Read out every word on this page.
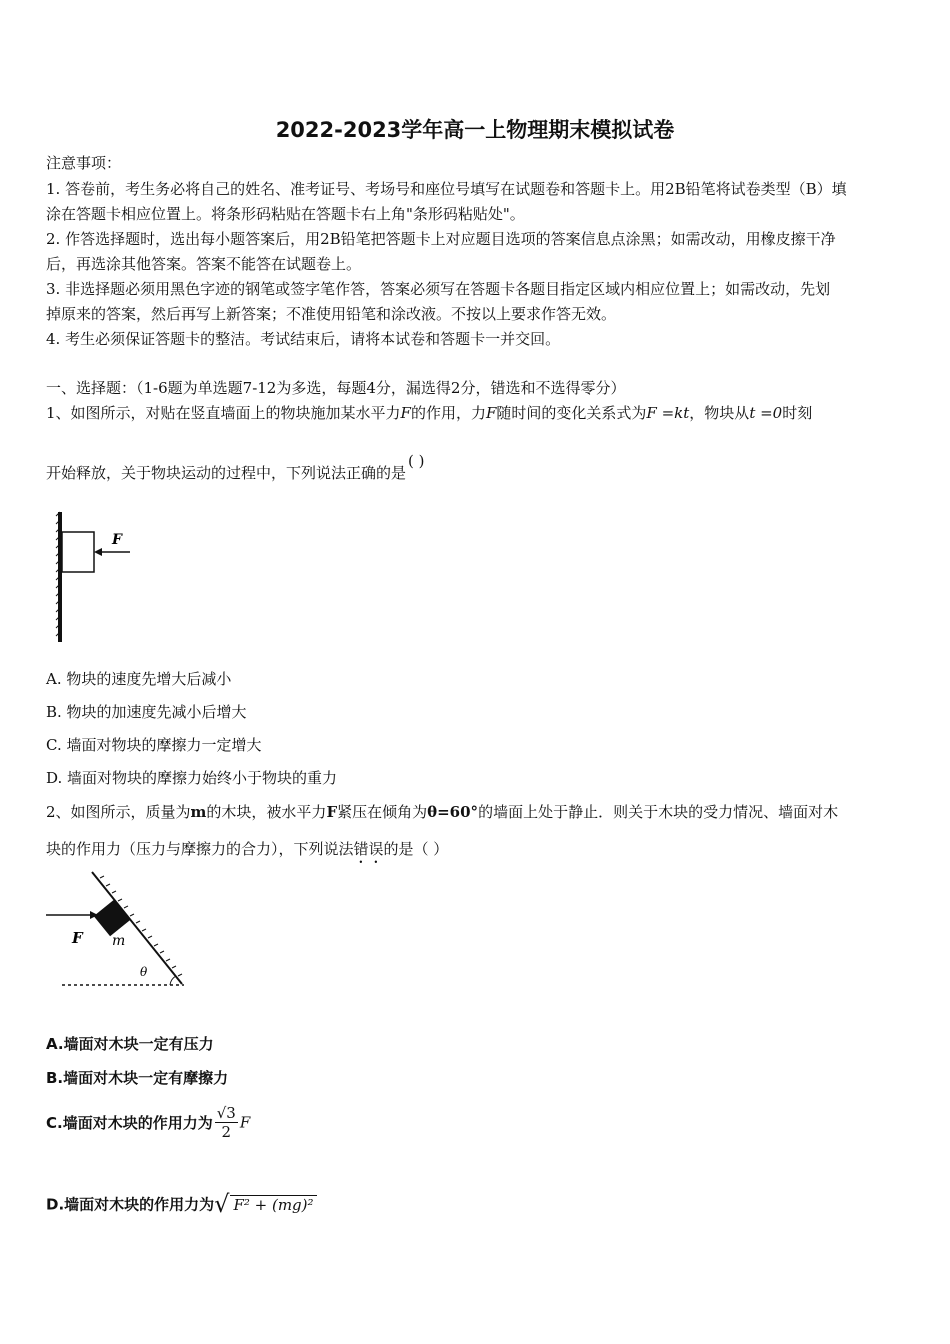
2022-2023学年高一上物理期末模拟试卷
注意事项：
1. 答卷前，考生务必将自己的姓名、准考证号、考场号和座位号填写在试题卷和答题卡上。用2B铅笔将试卷类型（B）填
涂在答题卡相应位置上。将条形码粘贴在答题卡右上角"条形码粘贴处"。
2. 作答选择题时，选出每小题答案后，用2B铅笔把答题卡上对应题目选项的答案信息点涂黑；如需改动，用橡皮擦干净
后，再选涂其他答案。答案不能答在试题卷上。
3. 非选择题必须用黑色字迹的钢笔或签字笔作答，答案必须写在答题卡各题目指定区域内相应位置上；如需改动，先划
掉原来的答案，然后再写上新答案；不准使用铅笔和涂改液。不按以上要求作答无效。
4. 考生必须保证答题卡的整洁。考试结束后，请将本试卷和答题卡一并交回。
一、选择题：（1-6题为单选题7-12为多选，每题4分，漏选得2分，错选和不选得零分）
1、如图所示，对贴在竖直墙面上的物块施加某水平力F的作用，力F随时间的变化关系式为F =kt，物块从t =0时刻
开始释放，关于物块运动的过程中，下列说法正确的是( )
F
A. 物块的速度先增大后减小
B. 物块的加速度先减小后增大
C. 墙面对物块的摩擦力一定增大
D. 墙面对物块的摩擦力始终小于物块的重力
2、如图所示，质量为m的木块，被水平力F紧压在倾角为θ=60°的墙面上处于静止．则关于木块的受力情况、墙面对木
块的作用力（压力与摩擦力的合力），下列说法错误的是（ ）
F m
θ
A.墙面对木块一定有压力
B.墙面对木块一定有摩擦力
C.墙面对木块的作用力为 $\frac{√3}{2}$ F
D.墙面对木块的作用力为√ F² + (mg)²
